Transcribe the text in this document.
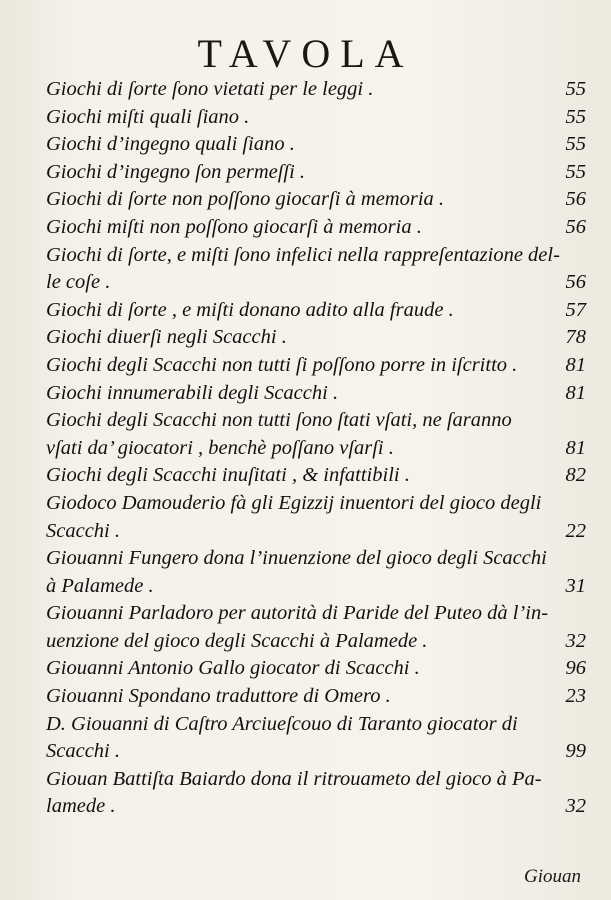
TAVOLA
Giochi di ſorte ſono vietati per le leggi .	55
Giochi miſti quali ſiano .	55
Giochi d’ingegno quali ſiano .	55
Giochi d’ingegno ſon permeſſi .	55
Giochi di ſorte non poſſono giocarſi à memoria .	56
Giochi miſti non poſſono giocarſi à memoria .	56
Giochi di ſorte, e miſti ſono infelici nella rappreſentazione del-
le coſe .	56
Giochi di ſorte , e miſti donano adito alla fraude .	57
Giochi diuerſi negli Scacchi .	78
Giochi degli Scacchi non tutti ſi poſſono porre in iſcritto . 81
Giochi innumerabili degli Scacchi .	81
Giochi degli Scacchi non tutti ſono ſtati vſati, ne ſaranno
vſati da’ giocatori , benchè poſſano vſarſi .	81
Giochi degli Scacchi inuſitati , & infattibili .	82
Giodoco Damouderio fà gli Egizzij inuentori del gioco degli
Scacchi .	22
Giouanni Fungero dona l’inuenzione del gioco degli Scacchi
à Palamede .	31
Giouanni Parladoro per autorità di Paride del Puteo dà l’in-
uenzione del gioco degli Scacchi à Palamede .	32
Giouanni Antonio Gallo giocator di Scacchi .	96
Giouanni Spondano traduttore di Omero .	23
D. Giouanni di Caſtro Arciueſcouo di Taranto giocator di
Scacchi .	99
Giouan Battiſta Baiardo dona il ritrouameto del gioco à Pa-
lamede .	32
Giouan
